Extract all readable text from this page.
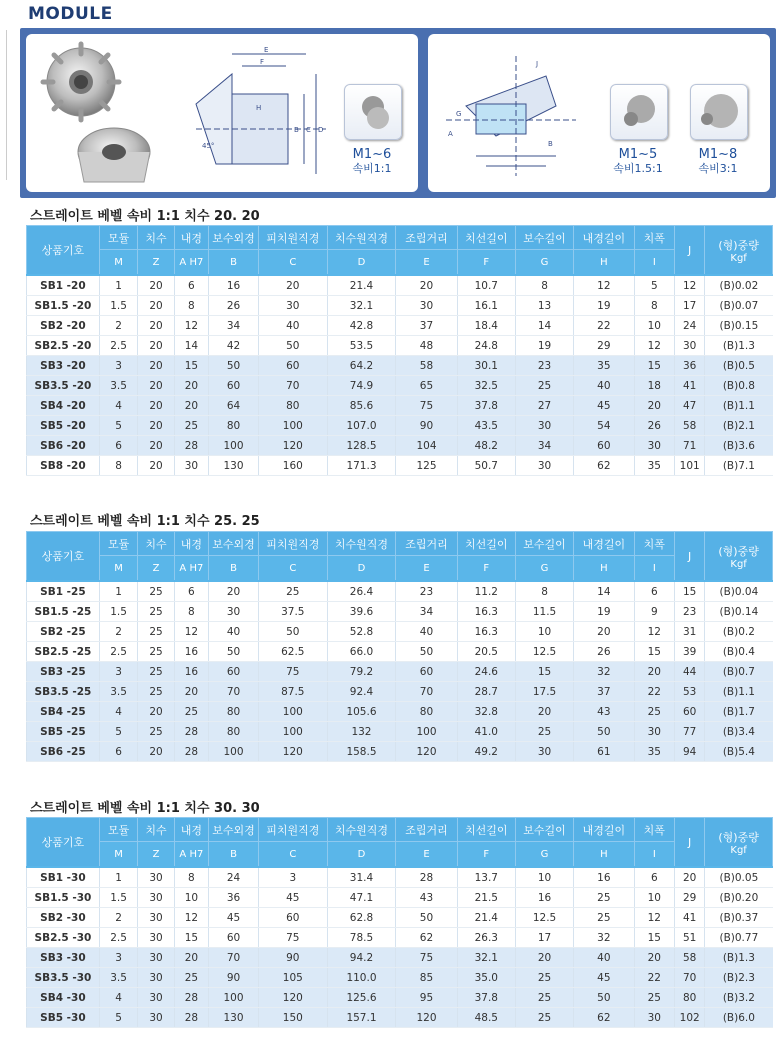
MODULE
E
F
H
B C D
45°
M1~6
속비1:1
A
B
G
J
M1~5
속비1.5:1
M1~8
속비3:1
스트레이트 베벨 속비 1:1 치수 20. 20
상품기호	모듈	치수	내경	보수외경	피치원직경	치수원직경	조립거리	치선길이	보수길이	내경길이	치폭	J	(형)중량
Kgf

	M	Z	A H7	B	C	D	E	F	G	H	I		
SB1 -20	1	20	6	16	20	21.4	20	10.7	8	12	5	12	(B)0.02
SB1.5 -20	1.5	20	8	26	30	32.1	30	16.1	13	19	8	17	(B)0.07
SB2 -20	2	20	12	34	40	42.8	37	18.4	14	22	10	24	(B)0.15
SB2.5 -20	2.5	20	14	42	50	53.5	48	24.8	19	29	12	30	(B)1.3
SB3 -20	3	20	15	50	60	64.2	58	30.1	23	35	15	36	(B)0.5
SB3.5 -20	3.5	20	20	60	70	74.9	65	32.5	25	40	18	41	(B)0.8
SB4 -20	4	20	20	64	80	85.6	75	37.8	27	45	20	47	(B)1.1
SB5 -20	5	20	25	80	100	107.0	90	43.5	30	54	26	58	(B)2.1
SB6 -20	6	20	28	100	120	128.5	104	48.2	34	60	30	71	(B)3.6
SB8 -20	8	20	30	130	160	171.3	125	50.7	30	62	35	101	(B)7.1
스트레이트 베벨 속비 1:1 치수 25. 25
상품기호	모듈	치수	내경	보수외경	피치원직경	치수원직경	조립거리	치선길이	보수길이	내경길이	치폭	J	(형)중량
Kgf

	M	Z	A H7	B	C	D	E	F	G	H	I		
SB1 -25	1	25	6	20	25	26.4	23	11.2	8	14	6	15	(B)0.04
SB1.5 -25	1.5	25	8	30	37.5	39.6	34	16.3	11.5	19	9	23	(B)0.14
SB2 -25	2	25	12	40	50	52.8	40	16.3	10	20	12	31	(B)0.2
SB2.5 -25	2.5	25	16	50	62.5	66.0	50	20.5	12.5	26	15	39	(B)0.4
SB3 -25	3	25	16	60	75	79.2	60	24.6	15	32	20	44	(B)0.7
SB3.5 -25	3.5	25	20	70	87.5	92.4	70	28.7	17.5	37	22	53	(B)1.1
SB4 -25	4	20	25	80	100	105.6	80	32.8	20	43	25	60	(B)1.7
SB5 -25	5	25	28	80	100	132	100	41.0	25	50	30	77	(B)3.4
SB6 -25	6	20	28	100	120	158.5	120	49.2	30	61	35	94	(B)5.4
스트레이트 베벨 속비 1:1 치수 30. 30
상품기호	모듈	치수	내경	보수외경	피치원직경	치수원직경	조립거리	치선길이	보수길이	내경길이	치폭	J	(형)중량
Kgf

	M	Z	A H7	B	C	D	E	F	G	H	I		
SB1 -30	1	30	8	24	3	31.4	28	13.7	10	16	6	20	(B)0.05
SB1.5 -30	1.5	30	10	36	45	47.1	43	21.5	16	25	10	29	(B)0.20
SB2 -30	2	30	12	45	60	62.8	50	21.4	12.5	25	12	41	(B)0.37
SB2.5 -30	2.5	30	15	60	75	78.5	62	26.3	17	32	15	51	(B)0.77
SB3 -30	3	30	20	70	90	94.2	75	32.1	20	40	20	58	(B)1.3
SB3.5 -30	3.5	30	25	90	105	110.0	85	35.0	25	45	22	70	(B)2.3
SB4 -30	4	30	28	100	120	125.6	95	37.8	25	50	25	80	(B)3.2
SB5 -30	5	30	28	130	150	157.1	120	48.5	25	62	30	102	(B)6.0
